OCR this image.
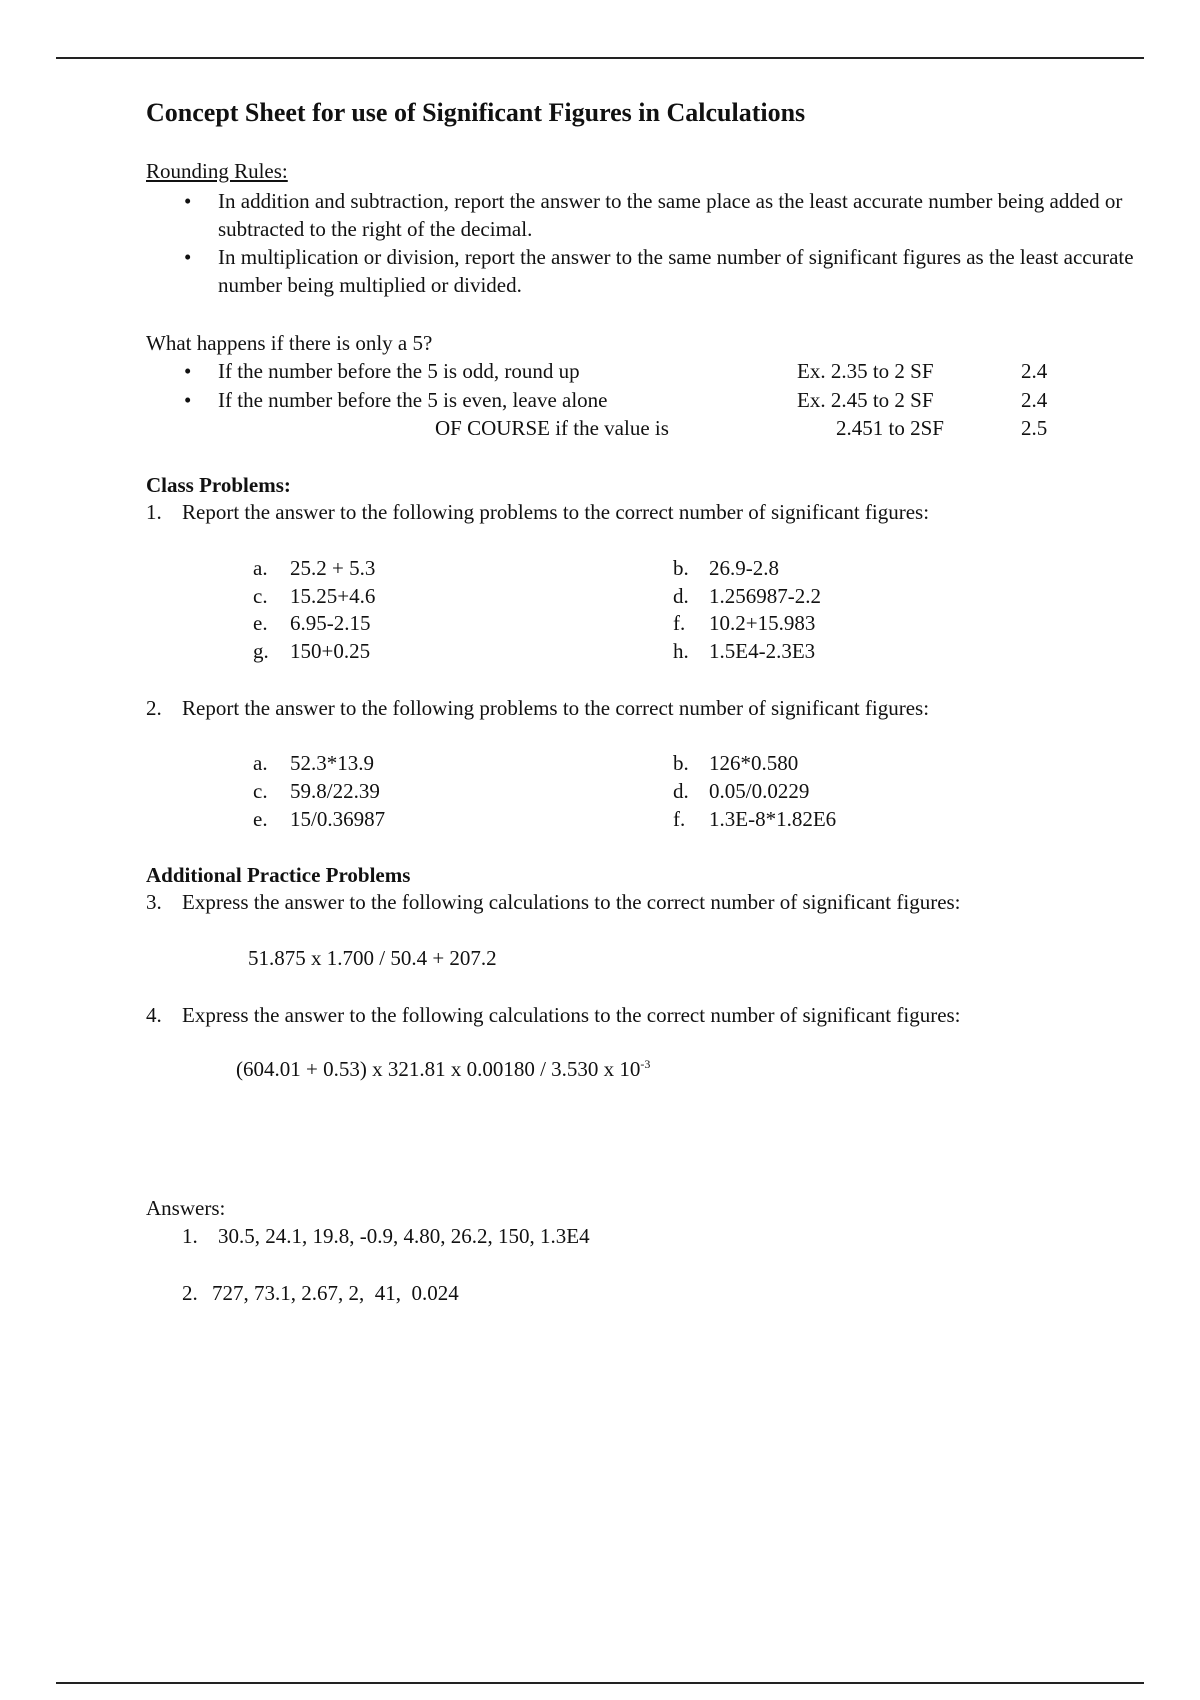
Concept Sheet for use of Significant Figures in Calculations
Rounding Rules:
• In addition and subtraction, report the answer to the same place as the least accurate number being added or subtracted to the right of the decimal.
• In multiplication or division, report the answer to the same number of significant figures as the least accurate number being multiplied or divided.
What happens if there is only a 5?
• If the number before the 5 is odd, round up	Ex. 2.35 to 2 SF	2.4
• If the number before the 5 is even, leave alone	Ex. 2.45 to 2 SF	2.4
OF COURSE if the value is	2.451 to 2SF	2.5
Class Problems:
1. Report the answer to the following problems to the correct number of significant figures:
a.	25.2 + 5.3	b. 26.9-2.8
c.	15.25+4.6	d. 1.256987-2.2
e.	6.95-2.15	f.	10.2+15.983
g.	150+0.25	h. 1.5E4-2.3E3
2. Report the answer to the following problems to the correct number of significant figures:
a.	52.3*13.9	b. 126*0.580
c.	59.8/22.39	d. 0.05/0.0229
e.	15/0.36987	f.	1.3E-8*1.82E6
Additional Practice Problems
3. Express the answer to the following calculations to the correct number of significant figures:
51.875 x 1.700 / 50.4 + 207.2
4. Express the answer to the following calculations to the correct number of significant figures:
(604.01 + 0.53) x 321.81 x 0.00180 / 3.530 x $10^{-3}$
Answers:
1. 30.5, 24.1, 19.8, -0.9, 4.80, 26.2, 150, 1.3E4
2. 727, 73.1, 2.67, 2,  41,  0.024
